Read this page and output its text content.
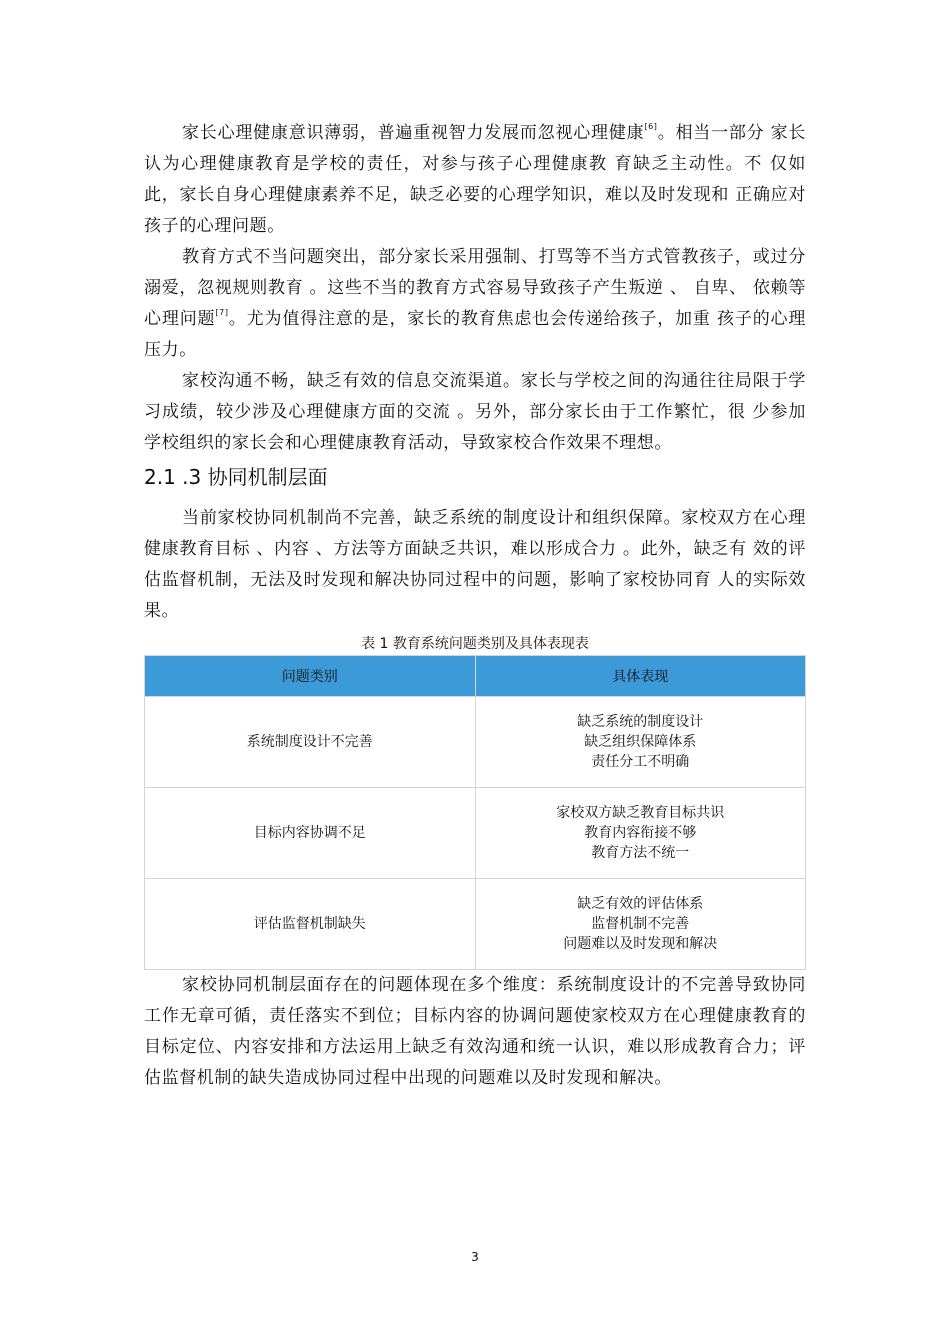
家长心理健康意识薄弱，普遍重视智力发展而忽视心理健康[6]。相当一部分 家长认为心理健康教育是学校的责任，对参与孩子心理健康教 育缺乏主动性。不 仅如此，家长自身心理健康素养不足，缺乏必要的心理学知识，难以及时发现和 正确应对孩子的心理问题。

教育方式不当问题突出，部分家长采用强制、打骂等不当方式管教孩子，或过分溺爱，忽视规则教育 。这些不当的教育方式容易导致孩子产生叛逆 、 自卑、 依赖等心理问题[7]。尤为值得注意的是，家长的教育焦虑也会传递给孩子，加重 孩子的心理压力。

家校沟通不畅，缺乏有效的信息交流渠道。家长与学校之间的沟通往往局限于学习成绩，较少涉及心理健康方面的交流 。另外，部分家长由于工作繁忙，很 少参加学校组织的家长会和心理健康教育活动，导致家校合作效果不理想。

2.1 .3 协同机制层面

当前家校协同机制尚不完善，缺乏系统的制度设计和组织保障。家校双方在心理健康教育目标 、内容 、方法等方面缺乏共识，难以形成合力 。此外，缺乏有 效的评估监督机制，无法及时发现和解决协同过程中的问题，影响了家校协同育 人的实际效果。

表 1 教育系统问题类别及具体表现表
问题类别	具体表现
系统制度设计不完善	缺乏系统的制度设计
缺乏组织保障体系
责任分工不明确

目标内容协调不足	家校双方缺乏教育目标共识
教育内容衔接不够
教育方法不统一

评估监督机制缺失	缺乏有效的评估体系
监督机制不完善
问题难以及时发现和解决

家校协同机制层面存在的问题体现在多个维度：系统制度设计的不完善导致协同工作无章可循，责任落实不到位；目标内容的协调问题使家校双方在心理健康教育的目标定位、内容安排和方法运用上缺乏有效沟通和统一认识，难以形成教育合力；评估监督机制的缺失造成协同过程中出现的问题难以及时发现和解决。

3
